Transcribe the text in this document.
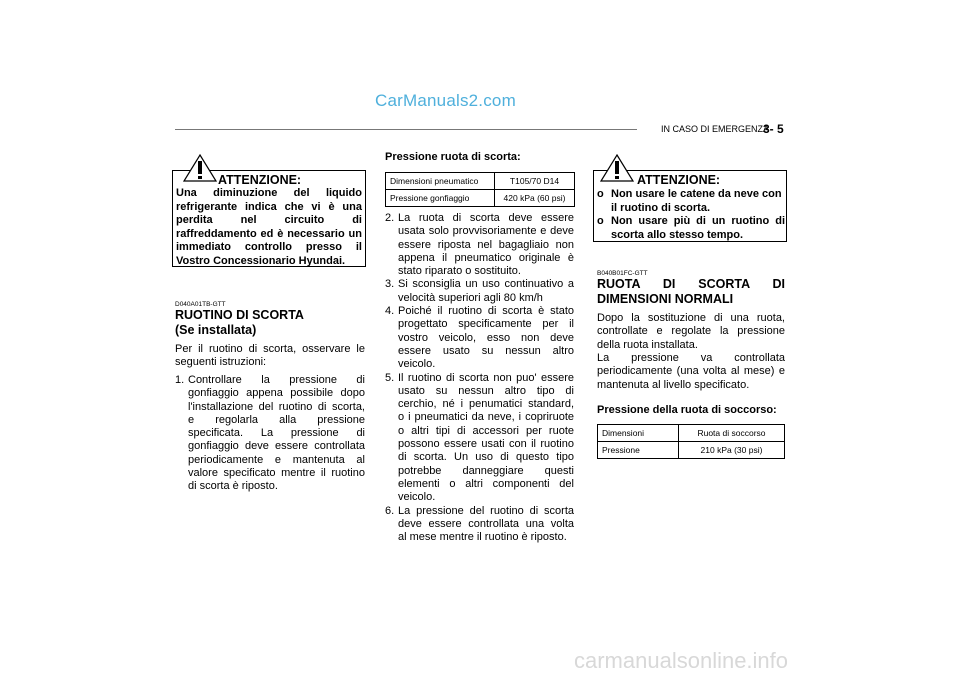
CarManuals2.com
IN CASO DI EMERGENZA
3- 5
ATTENZIONE:
Una diminuzione del liquido
refrigerante indica che vi è una
perdita nel circuito di
raffreddamento ed è necessario un
immediato controllo presso il
Vostro Concessionario Hyundai.
D040A01TB-GTT
RUOTINO DI SCORTA
(Se installata)
Per il ruotino di scorta, osservare le
seguenti istruzioni:
1. Controllare la pressione di
gonfiaggio appena possibile dopo
l'installazione del ruotino di scorta,
e regolarla alla pressione
specificata. La pressione di
gonfiaggio deve essere controllata
periodicamente e mantenuta al
valore specificato mentre il ruotino
di scorta è riposto.
Pressione ruota di scorta:
Dimensioni pneumatico	T105/70 D14
Pressione gonfiaggio	420 kPa (60 psi)
2. La ruota di scorta deve essere
usata solo provvisoriamente e deve
essere riposta nel bagagliaio non
appena il pneumatico originale è
stato riparato o sostituito.
3. Si sconsiglia un uso continuativo a
velocità superiori agli 80 km/h
4. Poiché il ruotino di scorta è stato
progettato specificamente per il
vostro veicolo, esso non deve
essere usato su nessun altro
veicolo.
5. Il ruotino di scorta non puo' essere
usato su nessun altro tipo di
cerchio, né i penumatici standard,
o i pneumatici da neve, i copriruote
o altri tipi di accessori per ruote
possono essere usati con il ruotino
di scorta. Un uso di questo tipo
potrebbe danneggiare questi
elementi o altri componenti del
veicolo.
6. La pressione del ruotino di scorta
deve essere controllata una volta
al mese mentre il ruotino è riposto.
ATTENZIONE:
o Non usare le catene da neve con
il ruotino di scorta.
o Non usare più di un ruotino di
scorta allo stesso tempo.
B040B01FC-GTT
RUOTA DI SCORTA DI
DIMENSIONI NORMALI
Dopo la sostituzione di una ruota,
controllate e regolate la pressione
della ruota installata.
La pressione va controllata
periodicamente (una volta al mese) e
mantenuta al livello specificato.
Pressione della ruota di soccorso:
Dimensioni	Ruota di soccorso
Pressione	210 kPa (30 psi)
carmanualsonline.info
